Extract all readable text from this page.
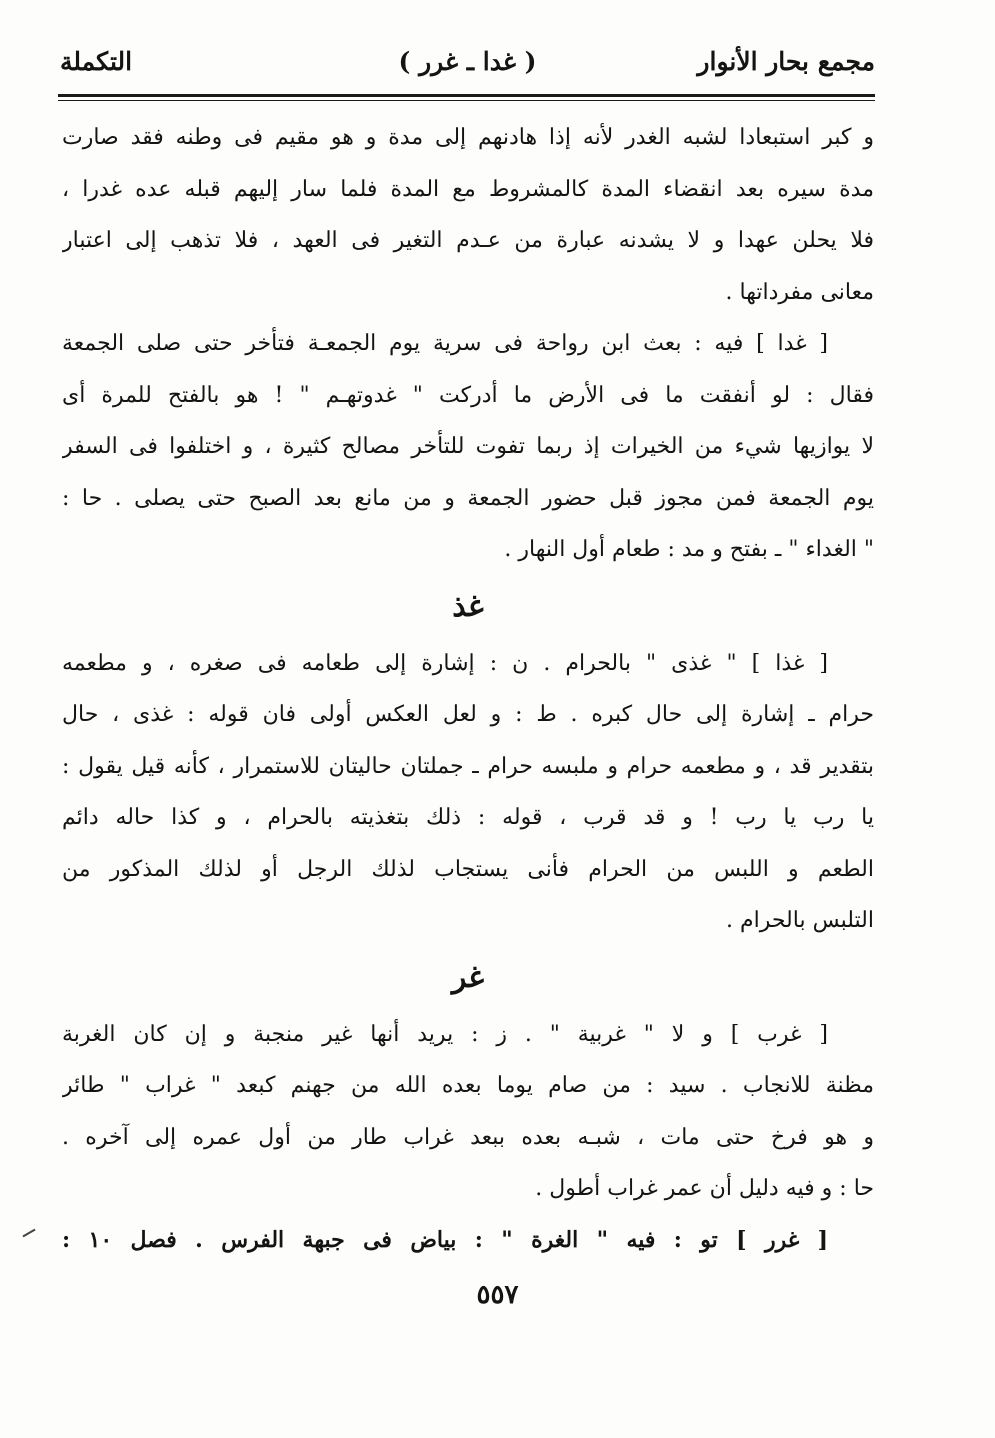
مجمع بحار الأنوار
( غدا ـ غرر )
التكملة
و كبر استبعادا لشبه الغدر لأنه إذا هادنهم إلى مدة و هو مقيم فى وطنه فقد صارت
مدة سيره بعد انقضاء المدة كالمشروط مع المدة فلما سار إليهم قبله عده غدرا ،
فلا يحلن عهدا و لا يشدنه عبارة من عـدم التغير فى العهد ، فلا تذهب إلى اعتبار
معانى مفرداتها .
[ غدا ] فيه : بعث ابن رواحة فى سرية يوم الجمعـة فتأخر حتى صلى الجمعة
فقال : لو أنفقت ما فى الأرض ما أدركت " غدوتهـم " ! هو بالفتح للمرة أى
لا يوازيها شيء من الخيرات إذ ربما تفوت للتأخر مصالح كثيرة ، و اختلفوا فى السفر
يوم الجمعة فمن مجوز قبل حضور الجمعة و من مانع بعد الصبح حتى يصلى . حا :
" الغداء " ـ بفتح و مد : طعام أول النهار .
غذ
[ غذا ] " غذى " بالحرام . ن : إشارة إلى طعامه فى صغره ، و مطعمه
حرام ـ إشارة إلى حال كبره . ط : و لعل العكس أولى فان قوله : غذى ، حال
بتقدير قد ، و مطعمه حرام و ملبسه حرام ـ جملتان حاليتان للاستمرار ، كأنه قيل يقول :
يا رب يا رب ! و قد قرب ، قوله : ذلك بتغذيته بالحرام ، و كذا حاله دائم
الطعم و اللبس من الحرام فأنى يستجاب لذلك الرجل أو لذلك المذكور من
التلبس بالحرام .
غر
[ غرب ] و لا " غربية " . ز : يريد أنها غير منجبة و إن كان الغربة
مظنة للانجاب . سيد : من صام يوما بعده الله من جهنم كبعد " غراب " طائر
و هو فرخ حتى مات ، شبـه بعده ببعد غراب طار من أول عمره إلى آخره .
حا : و فيه دليل أن عمر غراب أطول .
[ غرر ] تو : فيه " الغرة " : بياض فى جبهة الفرس . فصل ١٠ :
٥٥٧
